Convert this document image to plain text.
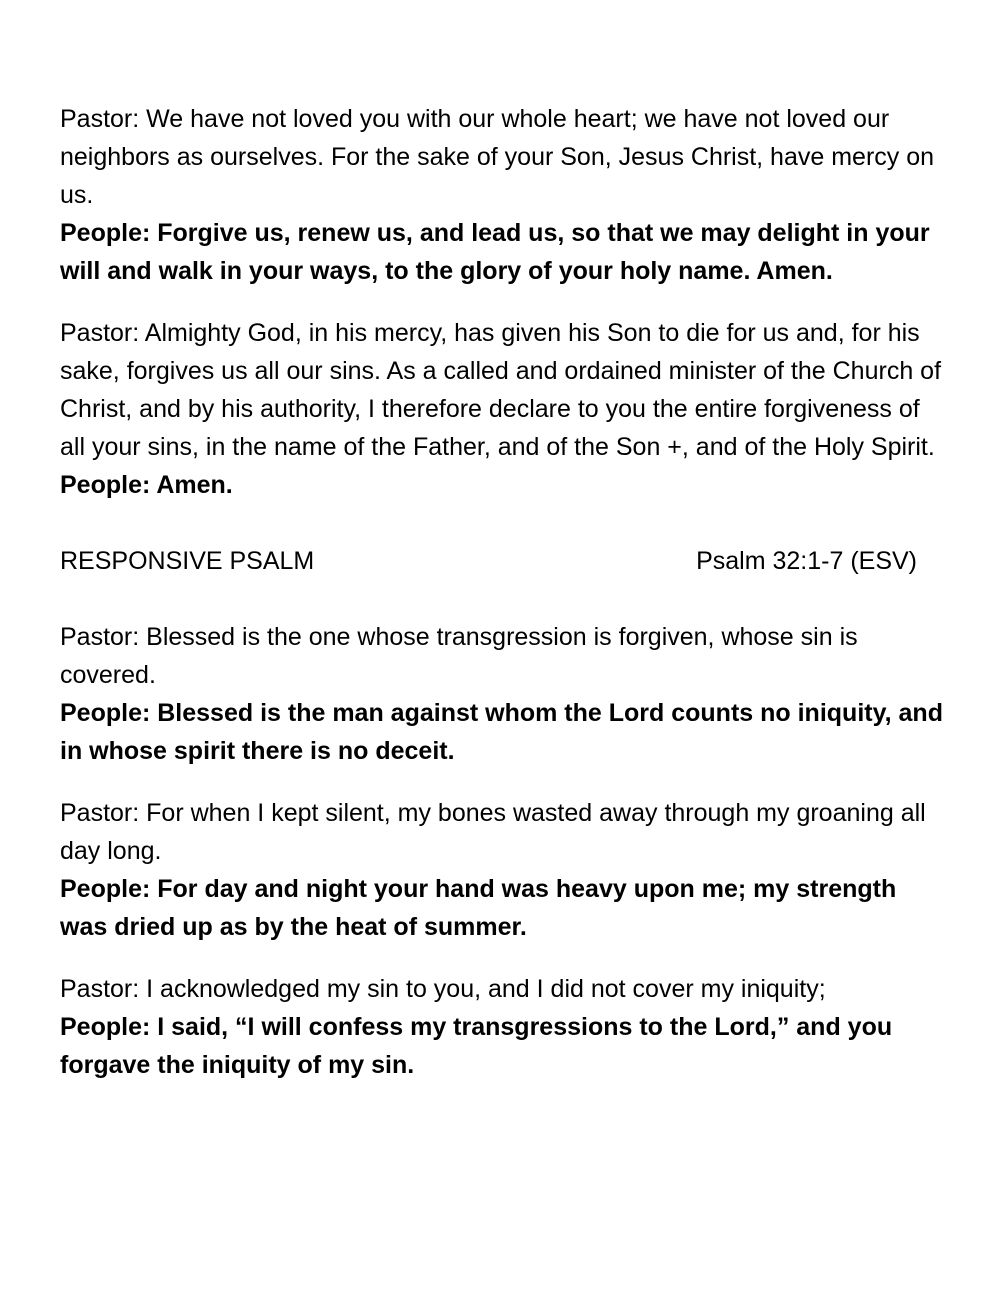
Pastor: We have not loved you with our whole heart; we have not loved our neighbors as ourselves. For the sake of your Son, Jesus Christ, have mercy on us.

People: Forgive us, renew us, and lead us, so that we may delight in your will and walk in your ways, to the glory of your holy name. Amen.

Pastor: Almighty God, in his mercy, has given his Son to die for us and, for his sake, forgives us all our sins. As a called and ordained minister of the Church of Christ, and by his authority, I therefore declare to you the entire forgiveness of all your sins, in the name of the Father, and of the Son +, and of the Holy Spirit.

People: Amen.

RESPONSIVE PSALM	Psalm 32:1-7 (ESV)

Pastor: Blessed is the one whose transgression is forgiven, whose sin is covered.

People: Blessed is the man against whom the Lord counts no iniquity, and in whose spirit there is no deceit.

Pastor: For when I kept silent, my bones wasted away through my groaning all day long.

People: For day and night your hand was heavy upon me; my strength was dried up as by the heat of summer.

Pastor: I acknowledged my sin to you, and I did not cover my iniquity;

People: I said, “I will confess my transgressions to the Lord,” and you forgave the iniquity of my sin.
